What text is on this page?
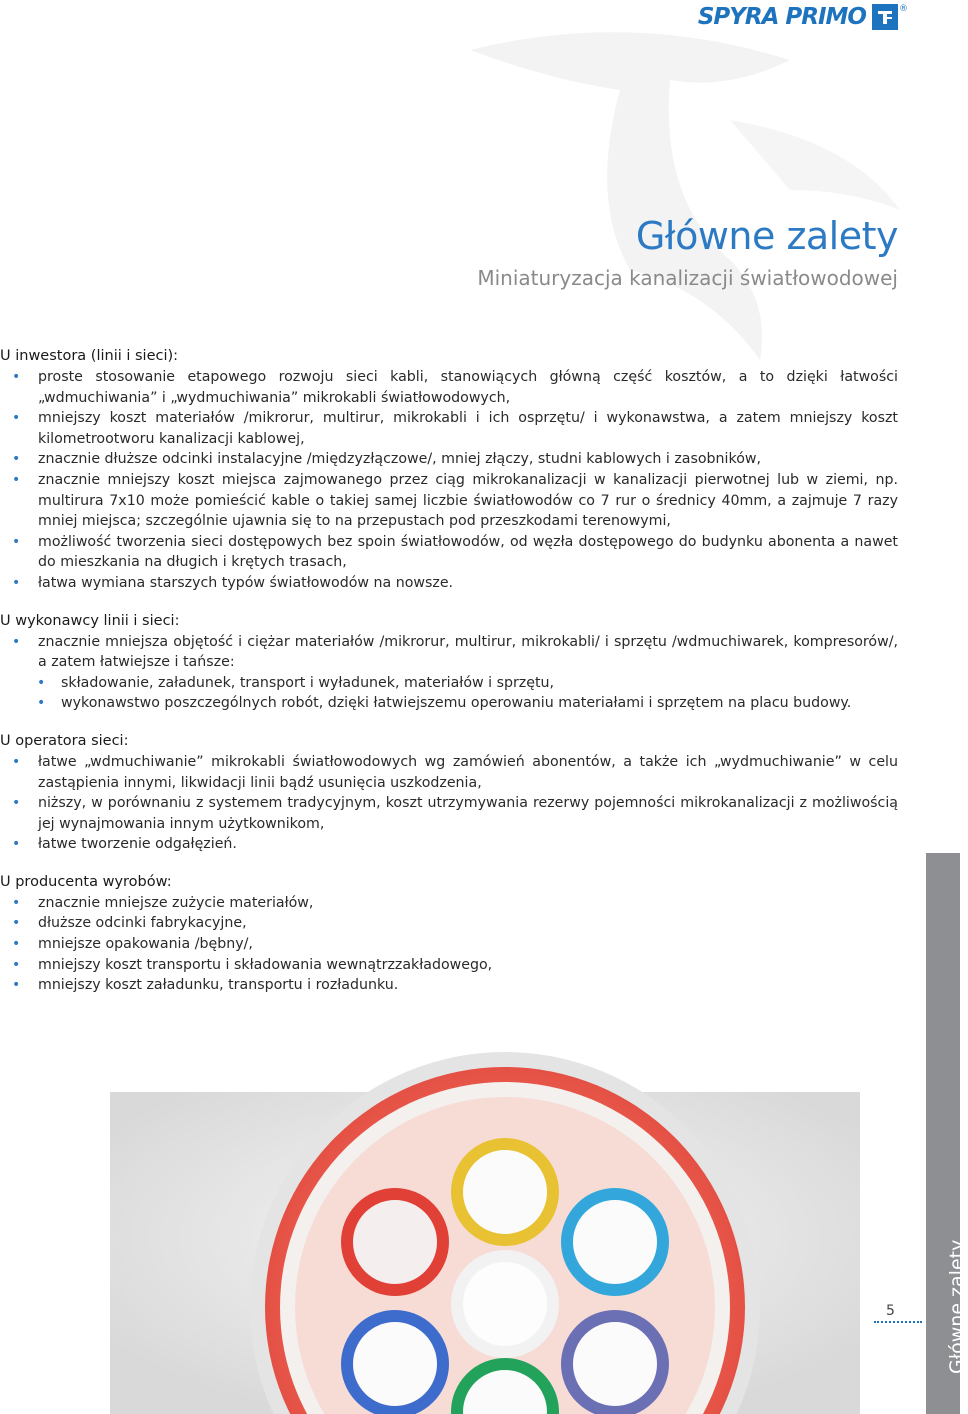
SPYRA PRIMO	®
Główne zalety
Miniaturyzacja kanalizacji światłowodowej
U inwestora (linii i sieci):
• proste stosowanie etapowego rozwoju sieci kabli, stanowiących główną część kosztów, a to dzięki łatwości „wdmuchiwania” i „wydmuchiwania” mikrokabli światłowodowych,
• mniejszy koszt materiałów /mikrorur, multirur, mikrokabli i ich osprzętu/ i wykonawstwa, a zatem mniejszy koszt kilometrootworu kanalizacji kablowej,
• znacznie dłuższe odcinki instalacyjne /międzyzłączowe/, mniej złączy, studni kablowych i zasobników,
• znacznie mniejszy koszt miejsca zajmowanego przez ciąg mikrokanalizacji w kanalizacji pierwotnej lub w ziemi, np. multirura 7x10 może pomieścić kable o takiej samej liczbie światłowodów co 7 rur o średnicy 40mm, a zajmuje 7 razy mniej miejsca; szczególnie ujawnia się to na przepustach pod przeszkodami terenowymi,
• możliwość tworzenia sieci dostępowych bez spoin światłowodów, od węzła dostępowego do budynku abonenta a nawet do mieszkania na długich i krętych trasach,
• łatwa wymiana starszych typów światłowodów na nowsze.
U wykonawcy linii i sieci:
• znacznie mniejsza objętość i ciężar materiałów /mikrorur, multirur, mikrokabli/ i sprzętu /wdmuchiwarek, kompresorów/, a zatem łatwiejsze i tańsze:
• składowanie, załadunek, transport i wyładunek, materiałów i sprzętu,
• wykonawstwo poszczególnych robót, dzięki łatwiejszemu operowaniu materiałami i sprzętem na placu budowy.
U operatora sieci:
• łatwe „wdmuchiwanie” mikrokabli światłowodowych wg zamówień abonentów, a także ich „wydmuchiwanie” w celu zastąpienia innymi, likwidacji linii bądź usunięcia uszkodzenia,
• niższy, w porównaniu z systemem tradycyjnym, koszt utrzymywania rezerwy pojemności mikrokanalizacji z możliwością jej wynajmowania innym użytkownikom,
• łatwe tworzenie odgałęzień.
U producenta wyrobów:
• znacznie mniejsze zużycie materiałów,
• dłuższe odcinki fabrykacyjne,
• mniejsze opakowania /bębny/,
• mniejszy koszt transportu i składowania wewnątrzzakładowego,
• mniejszy koszt załadunku, transportu i rozładunku.
Główne zalety
5
